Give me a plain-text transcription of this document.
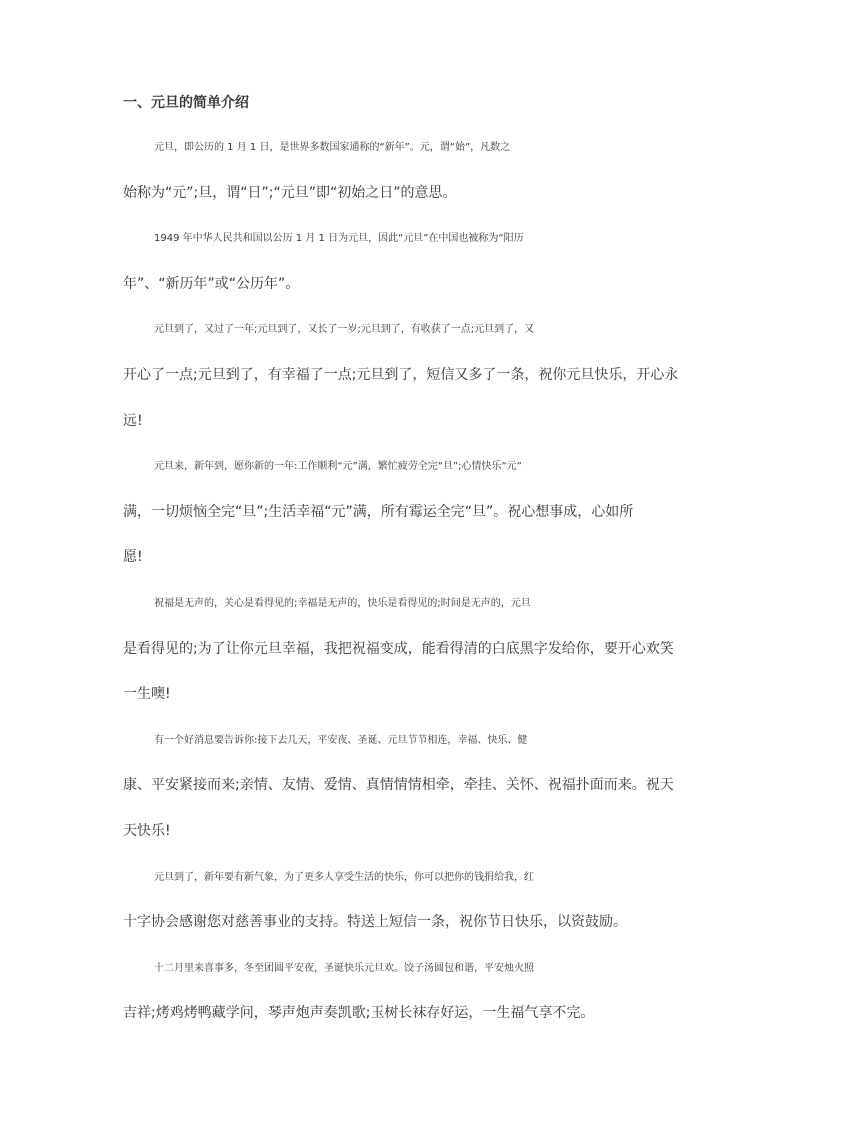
一、元旦的简单介绍

元旦，即公历的 1 月 1 日，是世界多数国家通称的“新年”。元，谓“始”，凡数之
始称为“元”;旦，谓“日”;“元旦”即“初始之日”的意思。

1949 年中华人民共和国以公历 1 月 1 日为元旦，因此“元旦”在中国也被称为“阳历
年”、“新历年”或“公历年”。

元旦到了，又过了一年;元旦到了，又长了一岁;元旦到了，有收获了一点;元旦到了，又
开心了一点;元旦到了，有幸福了一点;元旦到了，短信又多了一条，祝你元旦快乐，开心永
远!

元旦来，新年到，愿你新的一年:工作顺利“元”满，繁忙疲劳全完“旦”;心情快乐“元”
满，一切烦恼全完“旦”;生活幸福“元”满，所有霉运全完“旦”。祝心想事成，心如所
愿!

祝福是无声的，关心是看得见的;幸福是无声的，快乐是看得见的;时间是无声的，元旦
是看得见的;为了让你元旦幸福，我把祝福变成，能看得清的白底黑字发给你，要开心欢笑
一生噢!

有一个好消息要告诉你:接下去几天，平安夜、圣诞、元旦节节相连，幸福、快乐、健
康、平安紧接而来;亲情、友情、爱情、真情情情相牵，牵挂、关怀、祝福扑面而来。祝天
天快乐!

元旦到了，新年要有新气象，为了更多人享受生活的快乐，你可以把你的钱捐给我，红
十字协会感谢您对慈善事业的支持。特送上短信一条，祝你节日快乐，以资鼓励。

十二月里来喜事多，冬至团圆平安夜，圣诞快乐元旦欢。饺子汤圆包和谐，平安烛火照
吉祥;烤鸡烤鸭藏学问，琴声炮声奏凯歌;玉树长袜存好运，一生福气享不完。
